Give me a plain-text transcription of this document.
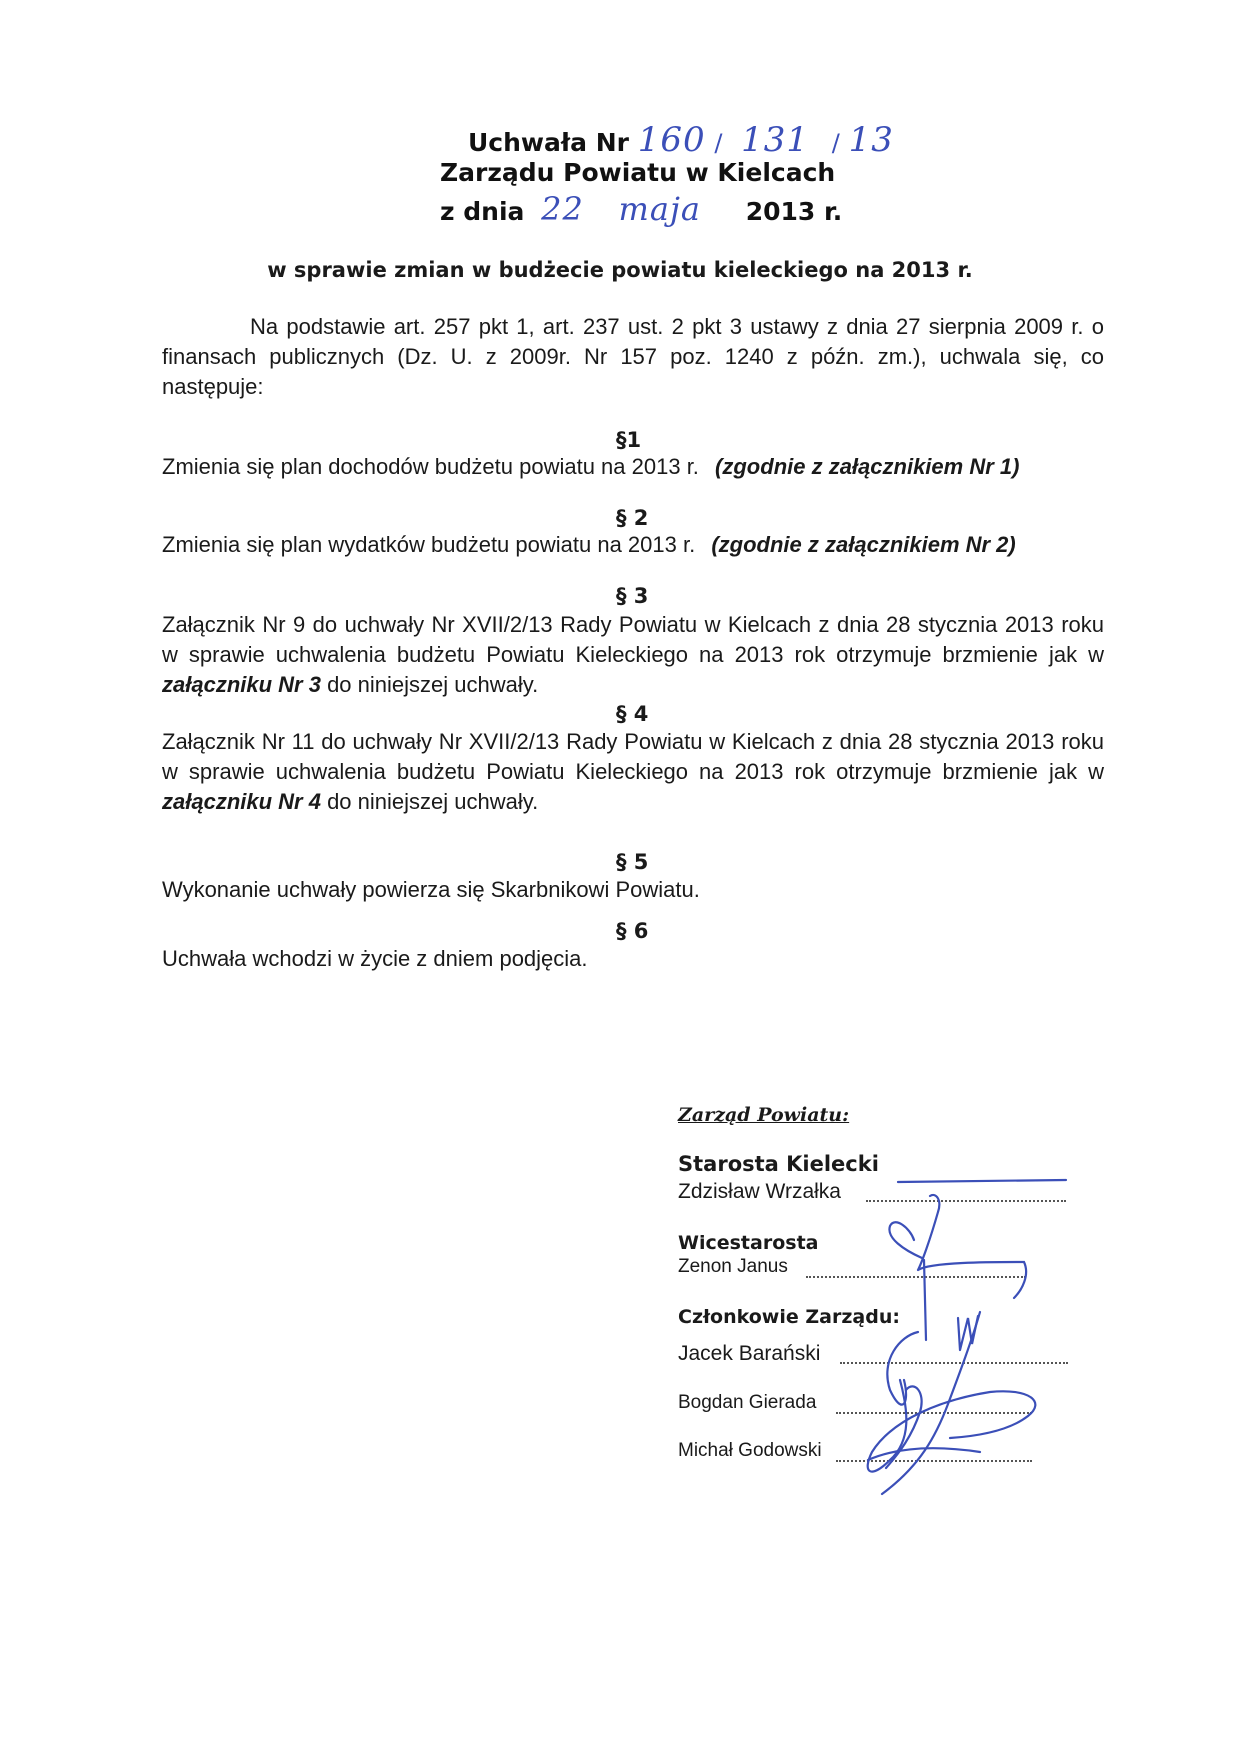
Uchwała Nr 160 / 131 / 13
Zarządu Powiatu w Kielcach
z dnia 22 maja 2013 r.
w sprawie zmian w budżecie powiatu kieleckiego na 2013 r.
Na podstawie art. 257 pkt 1, art. 237 ust. 2 pkt 3 ustawy z dnia 27 sierpnia 2009 r. o finansach publicznych (Dz. U. z 2009r. Nr 157 poz. 1240 z późn. zm.), uchwala się, co następuje:
§1
Zmienia się plan dochodów budżetu powiatu na 2013 r. (zgodnie z załącznikiem Nr 1)
§ 2
Zmienia się plan wydatków budżetu powiatu na 2013 r. (zgodnie z załącznikiem Nr 2)
§ 3
Załącznik Nr 9 do uchwały Nr XVII/2/13 Rady Powiatu w Kielcach z dnia 28 stycznia 2013 roku w sprawie uchwalenia budżetu Powiatu Kieleckiego na 2013 rok otrzymuje brzmienie jak w załączniku Nr 3 do niniejszej uchwały.
§ 4
Załącznik Nr 11 do uchwały Nr XVII/2/13 Rady Powiatu w Kielcach z dnia 28 stycznia 2013 roku w sprawie uchwalenia budżetu Powiatu Kieleckiego na 2013 rok otrzymuje brzmienie jak w załączniku Nr 4 do niniejszej uchwały.
§ 5
Wykonanie uchwały powierza się Skarbnikowi Powiatu.
§ 6
Uchwała wchodzi w życie z dniem podjęcia.
Zarząd Powiatu:
Starosta Kielecki
Zdzisław Wrzałka
Wicestarosta
Zenon Janus
Członkowie Zarządu:
Jacek Barański
Bogdan Gierada
Michał Godowski
